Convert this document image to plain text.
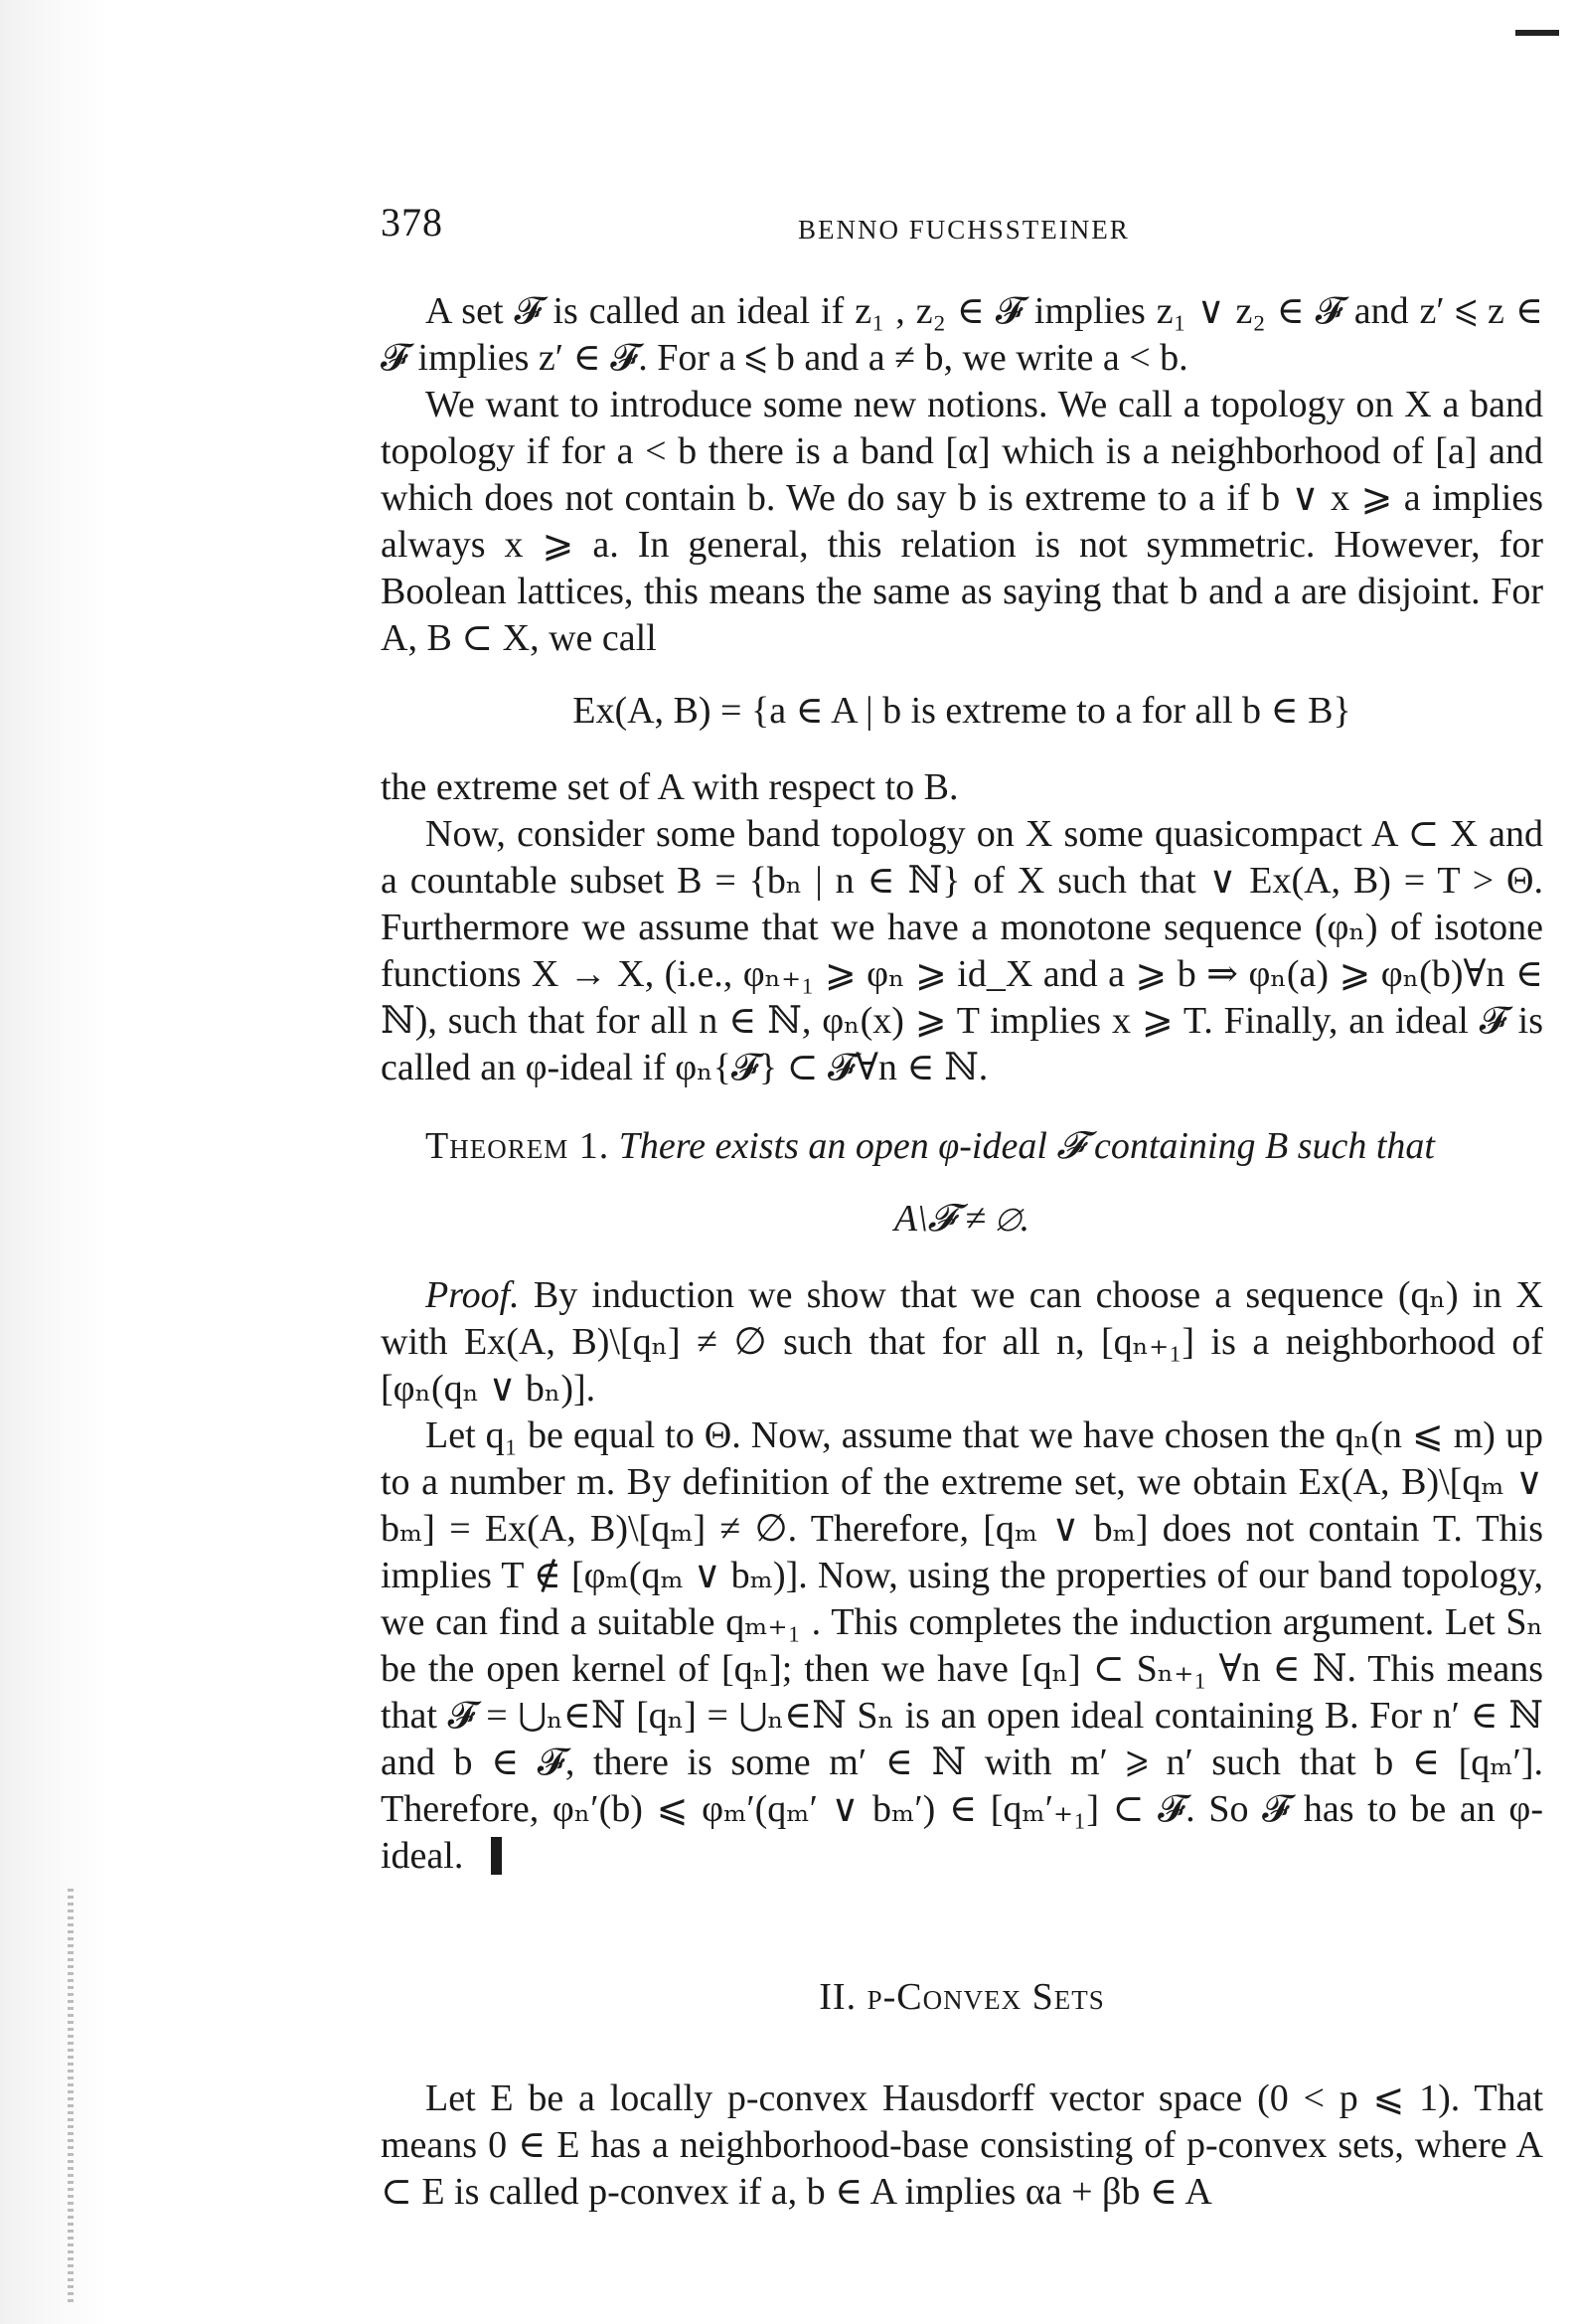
378	BENNO FUCHSSTEINER

A set 𝓕 is called an ideal if z₁ , z₂ ∈ 𝓕 implies z₁ ∨ z₂ ∈ 𝓕 and z′ ⩽ z ∈ 𝓕 implies z′ ∈ 𝓕. For a ⩽ b and a ≠ b, we write a < b.

We want to introduce some new notions. We call a topology on X a band topology if for a < b there is a band [α] which is a neighborhood of [a] and which does not contain b. We do say b is extreme to a if b ∨ x ⩾ a implies always x ⩾ a. In general, this relation is not symmetric. However, for Boolean lattices, this means the same as saying that b and a are disjoint. For A, B ⊂ X, we call

Ex(A, B) = {a ∈ A | b is extreme to a for all b ∈ B}

the extreme set of A with respect to B.

Now, consider some band topology on X some quasicompact A ⊂ X and a countable subset B = {bₙ | n ∈ ℕ} of X such that ∨ Ex(A, B) = T > Θ. Furthermore we assume that we have a monotone sequence (φₙ) of isotone functions X → X, (i.e., φₙ₊₁ ⩾ φₙ ⩾ id_X and a ⩾ b ⇒ φₙ(a) ⩾ φₙ(b)∀n ∈ ℕ), such that for all n ∈ ℕ, φₙ(x) ⩾ T implies x ⩾ T. Finally, an ideal 𝓕 is called an φ-ideal if φₙ{𝓕} ⊂ 𝓕∀n ∈ ℕ.

Theorem 1. There exists an open φ-ideal 𝓕 containing B such that

A\𝓕 ≠ ∅.

Proof. By induction we show that we can choose a sequence (qₙ) in X with Ex(A, B)\[qₙ] ≠ ∅ such that for all n, [qₙ₊₁] is a neighborhood of [φₙ(qₙ ∨ bₙ)].

Let q₁ be equal to Θ. Now, assume that we have chosen the qₙ(n ⩽ m) up to a number m. By definition of the extreme set, we obtain Ex(A, B)\[qₘ ∨ bₘ] = Ex(A, B)\[qₘ] ≠ ∅. Therefore, [qₘ ∨ bₘ] does not contain T. This implies T ∉ [φₘ(qₘ ∨ bₘ)]. Now, using the properties of our band topology, we can find a suitable qₘ₊₁ . This completes the induction argument. Let Sₙ be the open kernel of [qₙ]; then we have [qₙ] ⊂ Sₙ₊₁ ∀n ∈ ℕ. This means that 𝓕 = ⋃ₙ∈ℕ [qₙ] = ⋃ₙ∈ℕ Sₙ is an open ideal containing B. For n′ ∈ ℕ and b ∈ 𝓕, there is some m′ ∈ ℕ with m′ ⩾ n′ such that b ∈ [qₘ′]. Therefore, φₙ′(b) ⩽ φₘ′(qₘ′ ∨ bₘ′) ∈ [qₘ′₊₁] ⊂ 𝓕. So 𝓕 has to be an φ-ideal.

II. p-Convex Sets

Let E be a locally p-convex Hausdorff vector space (0 < p ⩽ 1). That means 0 ∈ E has a neighborhood-base consisting of p-convex sets, where A ⊂ E is called p-convex if a, b ∈ A implies αa + βb ∈ A
